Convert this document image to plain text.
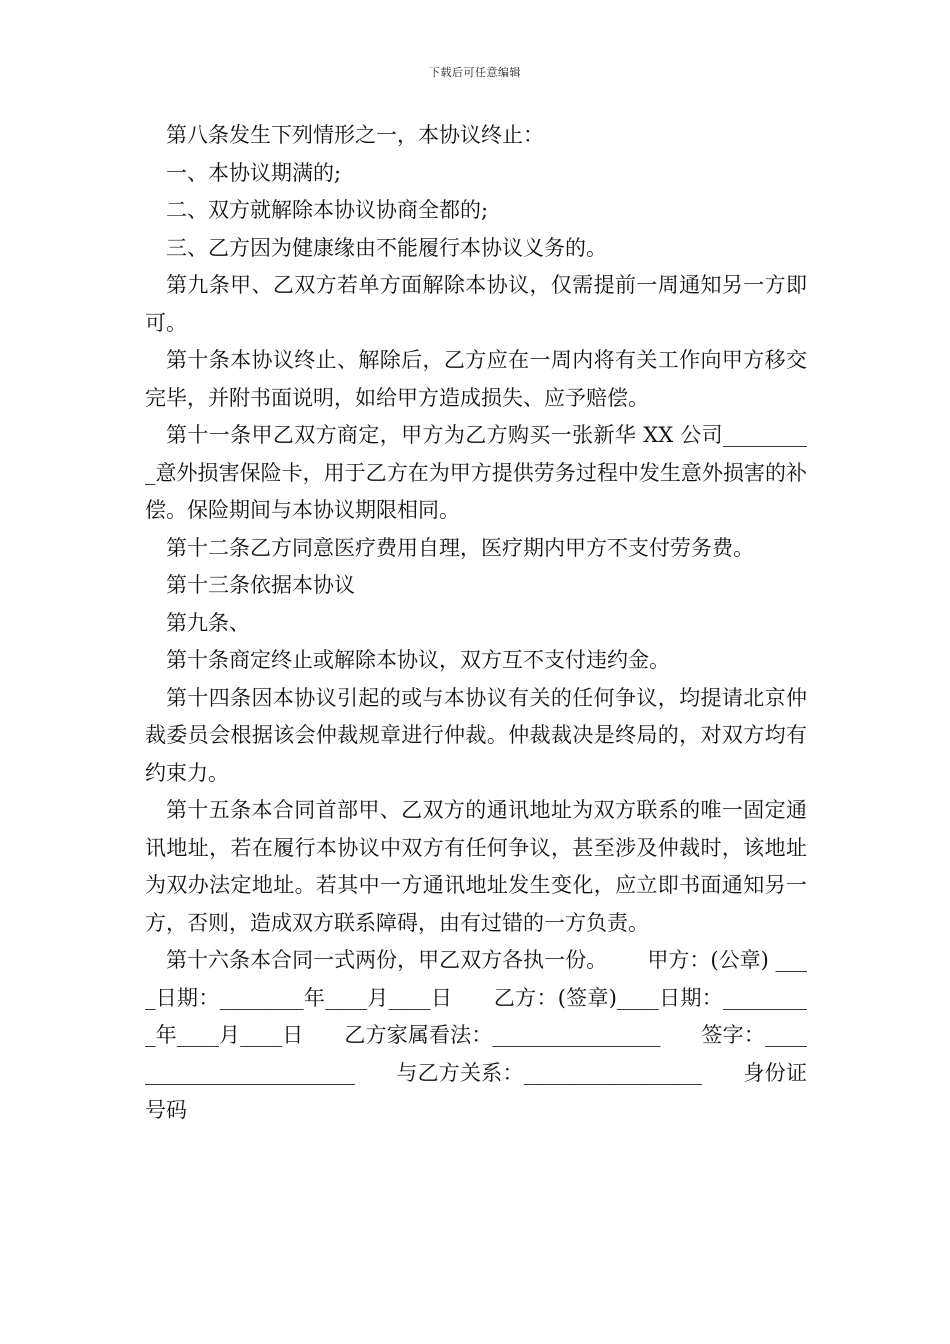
下载后可任意编辑

第八条发生下列情形之一，本协议终止：

一、本协议期满的;

二、双方就解除本协议协商全都的;

三、乙方因为健康缘由不能履行本协议义务的。

第九条甲、乙双方若单方面解除本协议，仅需提前一周通知另一方即可。

第十条本协议终止、解除后，乙方应在一周内将有关工作向甲方移交完毕，并附书面说明，如给甲方造成损失、应予赔偿。

第十一条甲乙双方商定，甲方为乙方购买一张新华 XX 公司_________意外损害保险卡，用于乙方在为甲方提供劳务过程中发生意外损害的补偿。保险期间与本协议期限相同。

第十二条乙方同意医疗费用自理，医疗期内甲方不支付劳务费。

第十三条依据本协议

第九条、

第十条商定终止或解除本协议，双方互不支付违约金。

第十四条因本协议引起的或与本协议有关的任何争议，均提请北京仲裁委员会根据该会仲裁规章进行仲裁。仲裁裁决是终局的，对双方均有约束力。

第十五条本合同首部甲、乙双方的通讯地址为双方联系的唯一固定通讯地址，若在履行本协议中双方有任何争议，甚至涉及仲裁时，该地址为双办法定地址。若其中一方通讯地址发生变化，应立即书面通知另一方，否则，造成双方联系障碍，由有过错的一方负责。

第十六条本合同一式两份，甲乙双方各执一份。      甲方：(公章) ____日期：________年____月____日      乙方：(签章)____日期：_________年____月____日      乙方家属看法：________________      签字：________________________      与乙方关系：_________________      身份证号码
